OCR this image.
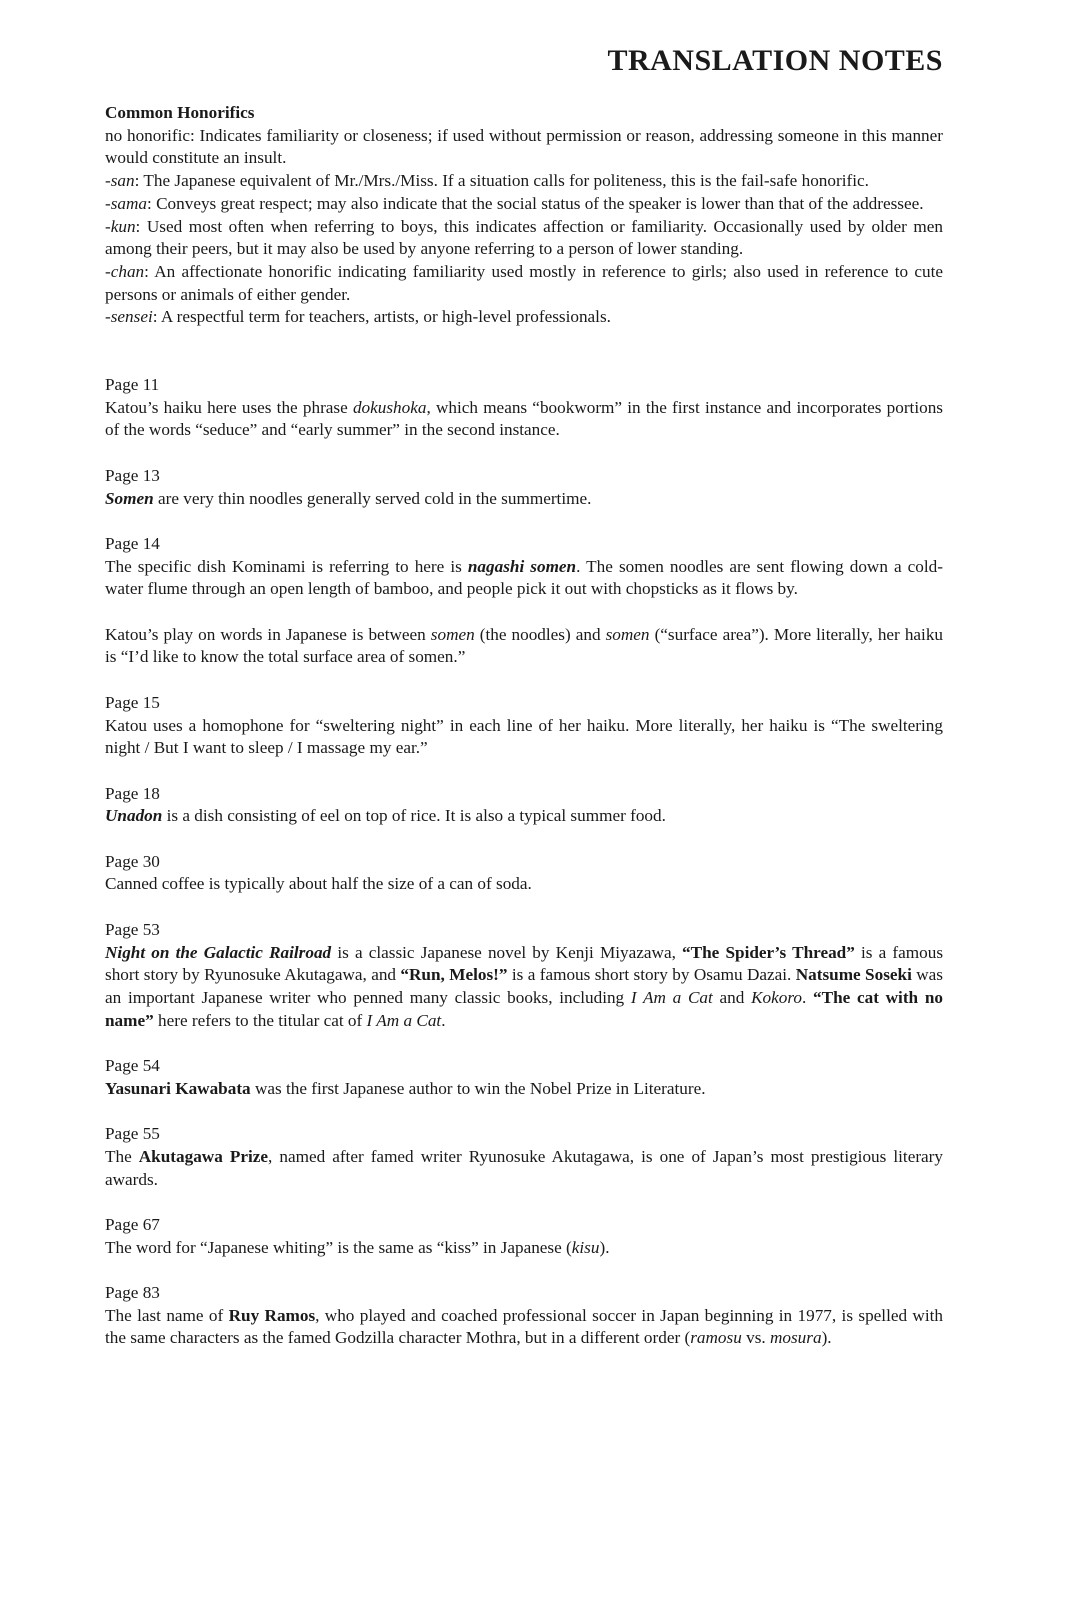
TRANSLATION NOTES

Common Honorifics

no honorific: Indicates familiarity or closeness; if used without permission or reason, addressing someone in this manner would constitute an insult.

-san: The Japanese equivalent of Mr./Mrs./Miss. If a situation calls for politeness, this is the fail-safe honorific.

-sama: Conveys great respect; may also indicate that the social status of the speaker is lower than that of the addressee.

-kun: Used most often when referring to boys, this indicates affection or familiarity. Occasionally used by older men among their peers, but it may also be used by anyone referring to a person of lower standing.

-chan: An affectionate honorific indicating familiarity used mostly in reference to girls; also used in reference to cute persons or animals of either gender.

-sensei: A respectful term for teachers, artists, or high-level professionals.

Page 11

Katou’s haiku here uses the phrase dokushoka, which means “bookworm” in the first instance and incorporates portions of the words “seduce” and “early summer” in the second instance.

Page 13

Somen are very thin noodles generally served cold in the summertime.

Page 14

The specific dish Kominami is referring to here is nagashi somen. The somen noodles are sent flowing down a cold-water flume through an open length of bamboo, and people pick it out with chopsticks as it flows by.

Katou’s play on words in Japanese is between somen (the noodles) and somen (“surface area”). More literally, her haiku is “I’d like to know the total surface area of somen.”

Page 15

Katou uses a homophone for “sweltering night” in each line of her haiku. More literally, her haiku is “The sweltering night / But I want to sleep / I massage my ear.”

Page 18

Unadon is a dish consisting of eel on top of rice. It is also a typical summer food.

Page 30

Canned coffee is typically about half the size of a can of soda.

Page 53

Night on the Galactic Railroad is a classic Japanese novel by Kenji Miyazawa, “The Spider’s Thread” is a famous short story by Ryunosuke Akutagawa, and “Run, Melos!” is a famous short story by Osamu Dazai. Natsume Soseki was an important Japanese writer who penned many classic books, including I Am a Cat and Kokoro. “The cat with no name” here refers to the titular cat of I Am a Cat.

Page 54

Yasunari Kawabata was the first Japanese author to win the Nobel Prize in Literature.

Page 55

The Akutagawa Prize, named after famed writer Ryunosuke Akutagawa, is one of Japan’s most prestigious literary awards.

Page 67

The word for “Japanese whiting” is the same as “kiss” in Japanese (kisu).

Page 83

The last name of Ruy Ramos, who played and coached professional soccer in Japan beginning in 1977, is spelled with the same characters as the famed Godzilla character Mothra, but in a different order (ramosu vs. mosura).
